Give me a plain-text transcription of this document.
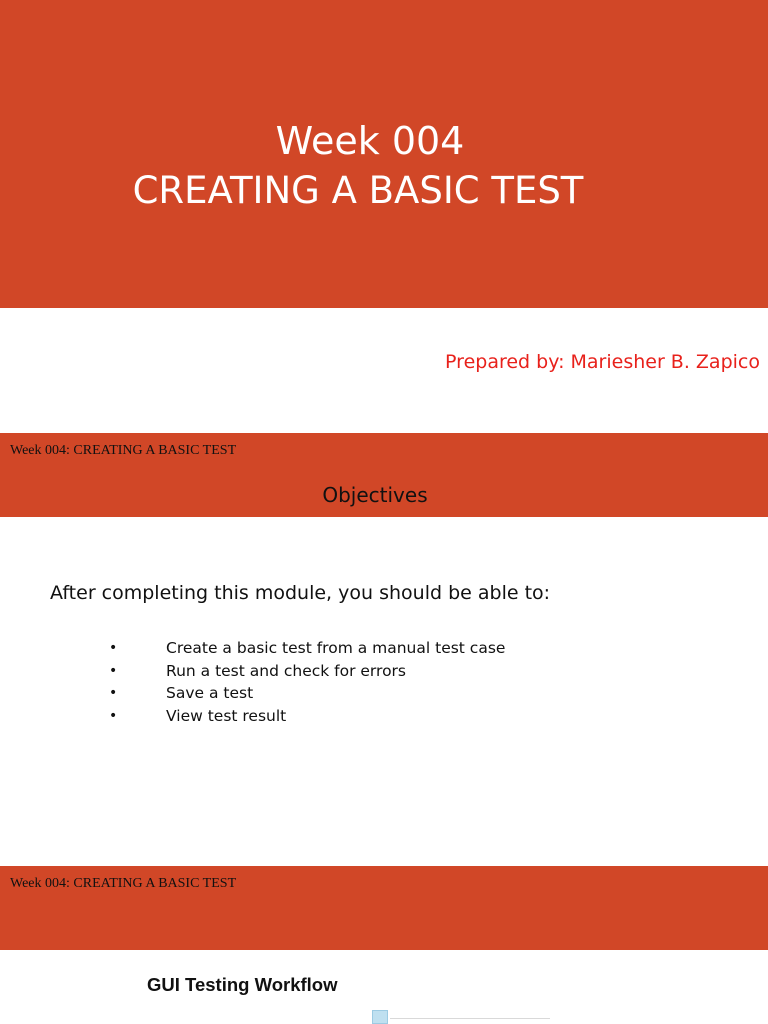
Week 004
CREATING A BASIC TEST
Prepared by: Mariesher B. Zapico
Week 004: CREATING A BASIC TEST
Objectives
After completing this module, you should be able to:
•	Create a basic test from a manual test case
•	Run a test and check for errors
•	Save a test
•	View test result
Week 004: CREATING A BASIC TEST
GUI Testing Workflow
